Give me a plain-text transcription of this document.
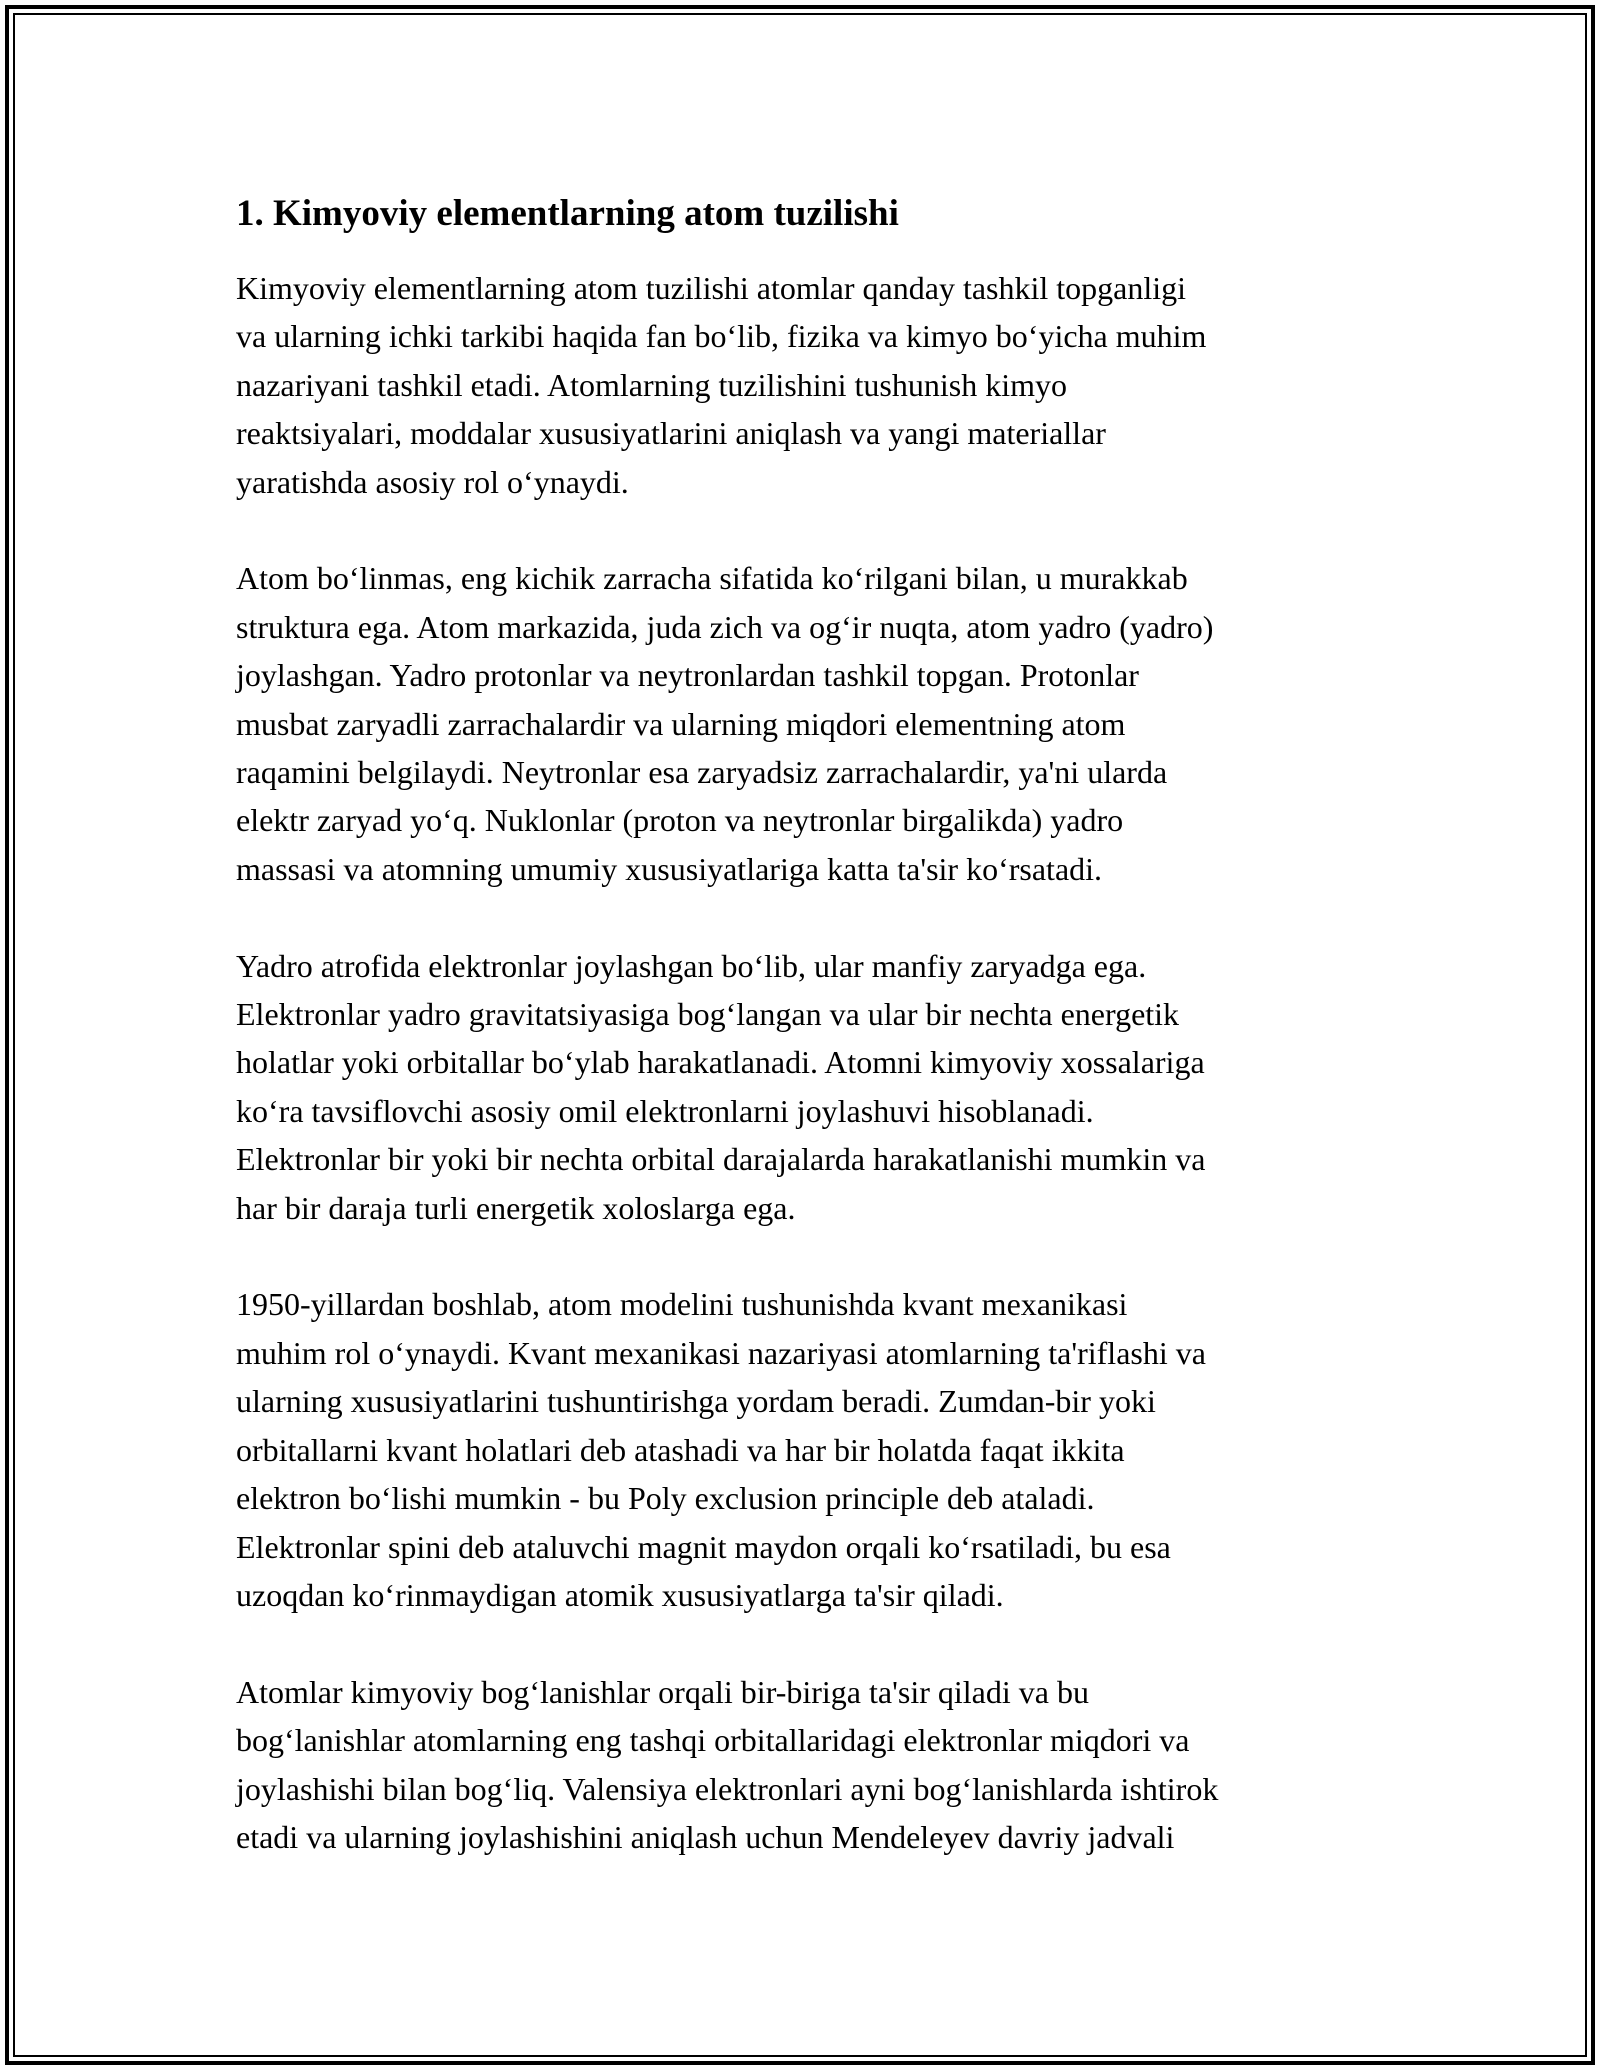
1. Kimyoviy elementlarning atom tuzilishi

Kimyoviy elementlarning atom tuzilishi atomlar qanday tashkil topganligi
va ularning ichki tarkibi haqida fan bo‘lib, fizika va kimyo bo‘yicha muhim
nazariyani tashkil etadi. Atomlarning tuzilishini tushunish kimyo
reaktsiyalari, moddalar xususiyatlarini aniqlash va yangi materiallar
yaratishda asosiy rol o‘ynaydi.

Atom bo‘linmas, eng kichik zarracha sifatida ko‘rilgani bilan, u murakkab
struktura ega. Atom markazida, juda zich va og‘ir nuqta, atom yadro (yadro)
joylashgan. Yadro protonlar va neytronlardan tashkil topgan. Protonlar
musbat zaryadli zarrachalardir va ularning miqdori elementning atom
raqamini belgilaydi. Neytronlar esa zaryadsiz zarrachalardir, ya'ni ularda
elektr zaryad yo‘q. Nuklonlar (proton va neytronlar birgalikda) yadro
massasi va atomning umumiy xususiyatlariga katta ta'sir ko‘rsatadi.

Yadro atrofida elektronlar joylashgan bo‘lib, ular manfiy zaryadga ega.
Elektronlar yadro gravitatsiyasiga bog‘langan va ular bir nechta energetik
holatlar yoki orbitallar bo‘ylab harakatlanadi. Atomni kimyoviy xossalariga
ko‘ra tavsiflovchi asosiy omil elektronlarni joylashuvi hisoblanadi.
Elektronlar bir yoki bir nechta orbital darajalarda harakatlanishi mumkin va
har bir daraja turli energetik xoloslarga ega.

1950-yillardan boshlab, atom modelini tushunishda kvant mexanikasi
muhim rol o‘ynaydi. Kvant mexanikasi nazariyasi atomlarning ta'riflashi va
ularning xususiyatlarini tushuntirishga yordam beradi. Zumdan-bir yoki
orbitallarni kvant holatlari deb atashadi va har bir holatda faqat ikkita
elektron bo‘lishi mumkin - bu Poly exclusion principle deb ataladi.
Elektronlar spini deb ataluvchi magnit maydon orqali ko‘rsatiladi, bu esa
uzoqdan ko‘rinmaydigan atomik xususiyatlarga ta'sir qiladi.

Atomlar kimyoviy bog‘lanishlar orqali bir-biriga ta'sir qiladi va bu
bog‘lanishlar atomlarning eng tashqi orbitallaridagi elektronlar miqdori va
joylashishi bilan bog‘liq. Valensiya elektronlari ayni bog‘lanishlarda ishtirok
etadi va ularning joylashishini aniqlash uchun Mendeleyev davriy jadvali
